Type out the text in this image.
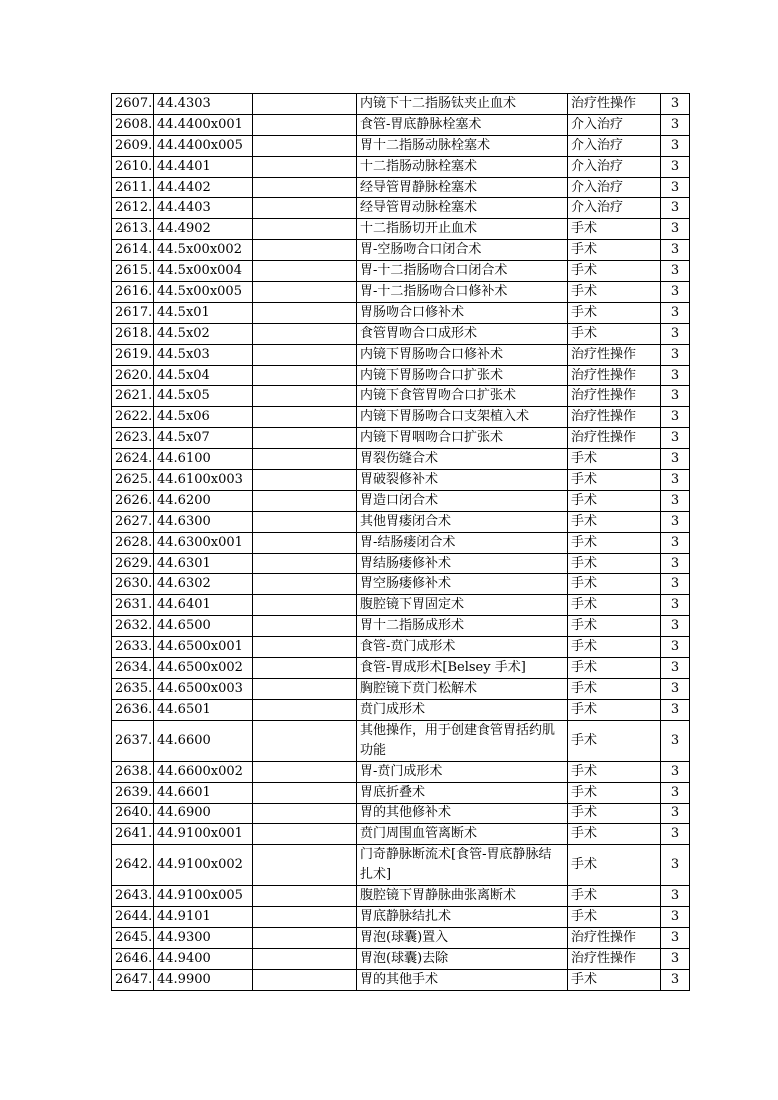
2607.	44.4303		内镜下十二指肠钛夹止血术	治疗性操作	3
2608.	44.4400x001		食管-胃底静脉栓塞术	介入治疗	3
2609.	44.4400x005		胃十二指肠动脉栓塞术	介入治疗	3
2610.	44.4401		十二指肠动脉栓塞术	介入治疗	3
2611.	44.4402		经导管胃静脉栓塞术	介入治疗	3
2612.	44.4403		经导管胃动脉栓塞术	介入治疗	3
2613.	44.4902		十二指肠切开止血术	手术	3
2614.	44.5x00x002		胃-空肠吻合口闭合术	手术	3
2615.	44.5x00x004		胃-十二指肠吻合口闭合术	手术	3
2616.	44.5x00x005		胃-十二指肠吻合口修补术	手术	3
2617.	44.5x01		胃肠吻合口修补术	手术	3
2618.	44.5x02		食管胃吻合口成形术	手术	3
2619.	44.5x03		内镜下胃肠吻合口修补术	治疗性操作	3
2620.	44.5x04		内镜下胃肠吻合口扩张术	治疗性操作	3
2621.	44.5x05		内镜下食管胃吻合口扩张术	治疗性操作	3
2622.	44.5x06		内镜下胃肠吻合口支架植入术	治疗性操作	3
2623.	44.5x07		内镜下胃咽吻合口扩张术	治疗性操作	3
2624.	44.6100		胃裂伤缝合术	手术	3
2625.	44.6100x003		胃破裂修补术	手术	3
2626.	44.6200		胃造口闭合术	手术	3
2627.	44.6300		其他胃瘘闭合术	手术	3
2628.	44.6300x001		胃-结肠瘘闭合术	手术	3
2629.	44.6301		胃结肠瘘修补术	手术	3
2630.	44.6302		胃空肠瘘修补术	手术	3
2631.	44.6401		腹腔镜下胃固定术	手术	3
2632.	44.6500		胃十二指肠成形术	手术	3
2633.	44.6500x001		食管-贲门成形术	手术	3
2634.	44.6500x002		食管-胃成形术[Belsey 手术]	手术	3
2635.	44.6500x003		胸腔镜下贲门松解术	手术	3
2636.	44.6501		贲门成形术	手术	3
2637.	44.6600		其他操作，用于创建食管胃括约肌功能	手术	3
2638.	44.6600x002		胃-贲门成形术	手术	3
2639.	44.6601		胃底折叠术	手术	3
2640.	44.6900		胃的其他修补术	手术	3
2641.	44.9100x001		贲门周围血管离断术	手术	3
2642.	44.9100x002		门奇静脉断流术[食管-胃底静脉结扎术]	手术	3
2643.	44.9100x005		腹腔镜下胃静脉曲张离断术	手术	3
2644.	44.9101		胃底静脉结扎术	手术	3
2645.	44.9300		胃泡(球囊)置入	治疗性操作	3
2646.	44.9400		胃泡(球囊)去除	治疗性操作	3
2647.	44.9900		胃的其他手术	手术	3
